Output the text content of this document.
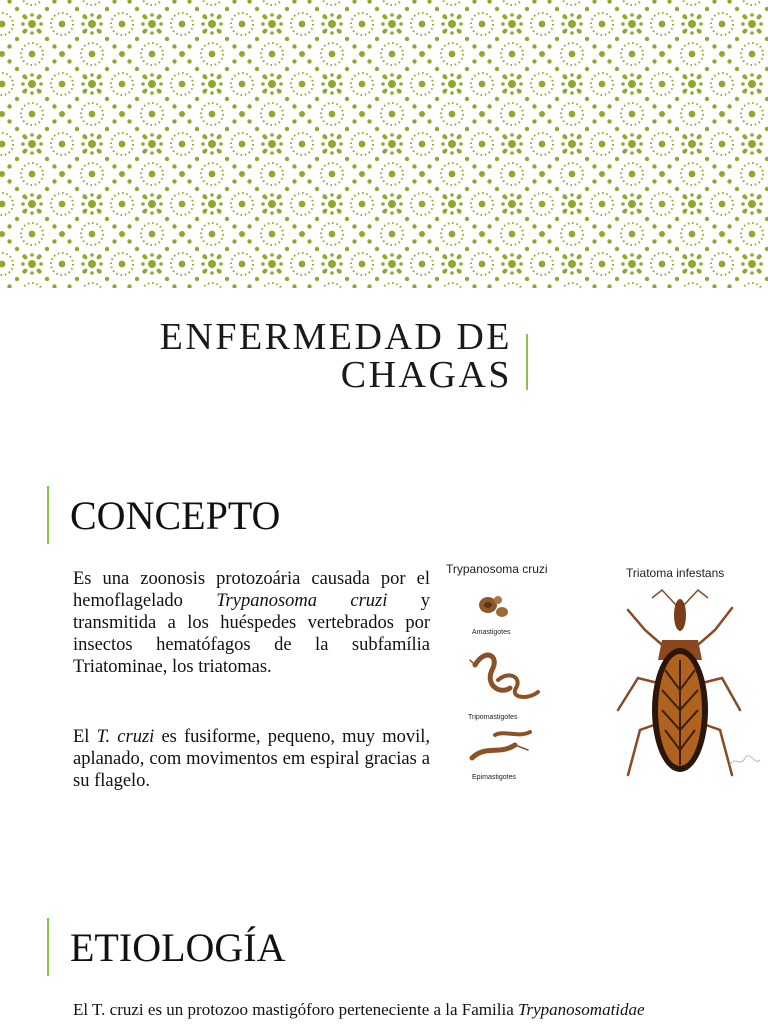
ENFERMEDAD DE
CHAGAS
CONCEPTO

Es una zoonosis protozoária causada por el hemoflagelado Trypanosoma cruzi y transmitida a los huéspedes vertebrados por insectos hematófagos de la subfamília Triatominae, los triatomas.

El T. cruzi es fusiforme, pequeno, muy movil, aplanado, com movimentos em espiral gracias a su flagelo.

Trypanosoma cruzi	Triatoma infestans
Amastigotes
Tripomastigotes
Epimastigotes
ETIOLOGÍA
El T. cruzi es un protozoo mastigóforo perteneciente a la Familia Trypanosomatidae
